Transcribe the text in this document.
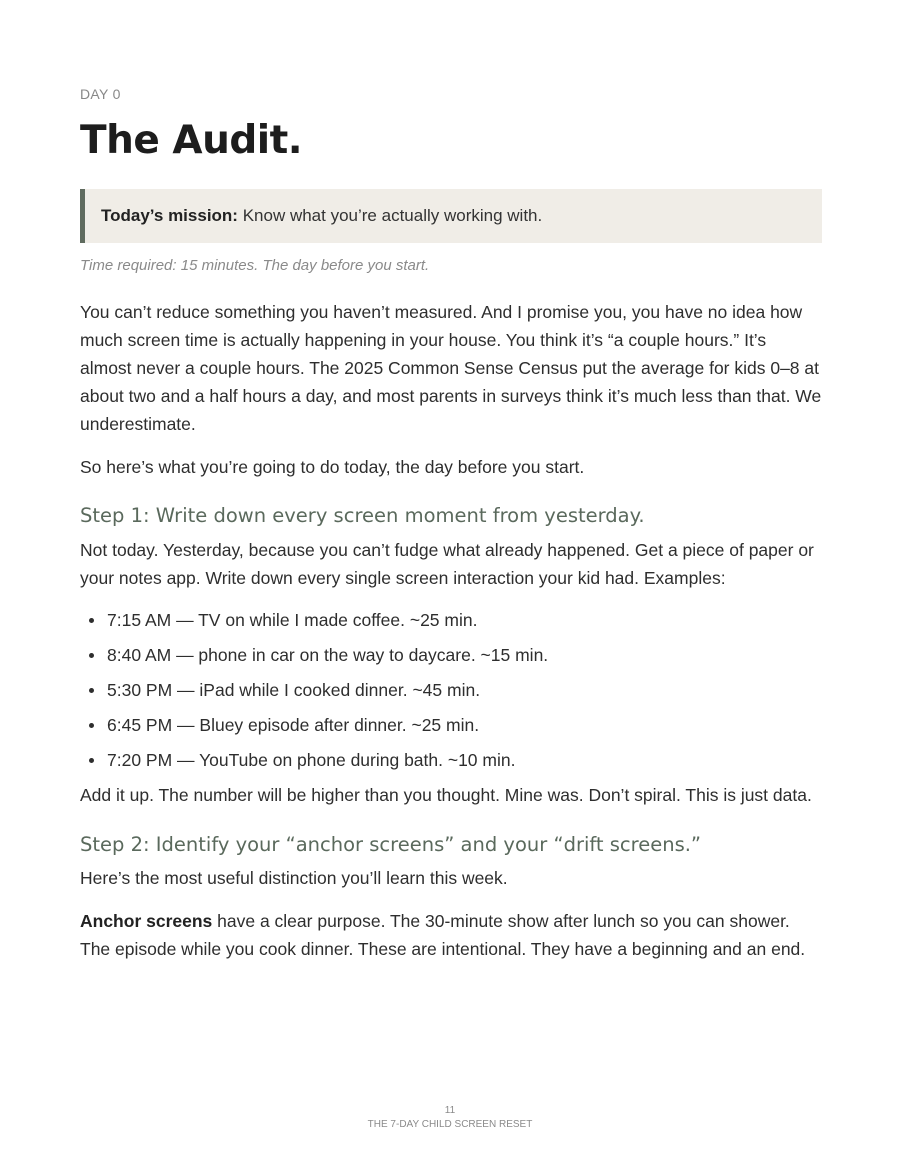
DAY 0

The Audit.
Today’s mission: Know what you’re actually working with.

Time required: 15 minutes. The day before you start.

You can’t reduce something you haven’t measured. And I promise you, you have no idea how much screen time is actually happening in your house. You think it’s “a couple hours.” It’s almost never a couple hours. The 2025 Common Sense Census put the average for kids 0–8 at about two and a half hours a day, and most parents in surveys think it’s much less than that. We underestimate.

So here’s what you’re going to do today, the day before you start.

Step 1: Write down every screen moment from yesterday.

Not today. Yesterday, because you can’t fudge what already happened. Get a piece of paper or your notes app. Write down every single screen interaction your kid had. Examples:

7:15 AM — TV on while I made coffee. ~25 min.
8:40 AM — phone in car on the way to daycare. ~15 min.
5:30 PM — iPad while I cooked dinner. ~45 min.
6:45 PM — Bluey episode after dinner. ~25 min.
7:20 PM — YouTube on phone during bath. ~10 min.

Add it up. The number will be higher than you thought. Mine was. Don’t spiral. This is just data.

Step 2: Identify your “anchor screens” and your “drift screens.”

Here’s the most useful distinction you’ll learn this week.

Anchor screens have a clear purpose. The 30-minute show after lunch so you can shower. The episode while you cook dinner. These are intentional. They have a beginning and an end.

11
THE 7-DAY CHILD SCREEN RESET
